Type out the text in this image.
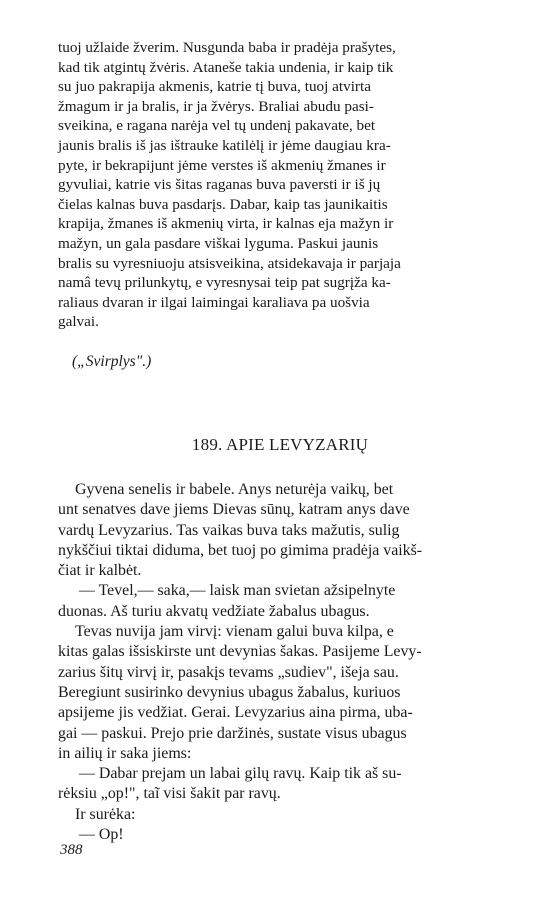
tuoj užlaide žverim. Nusgunda baba ir pradėja prašytes,
kad tik atgintų žvėris. Ataneše takia undenia, ir kaip tik
su juo pakrapija akmenis, katrie tį buva, tuoj atvirta
žmagum ir ja bralis, ir ja žvėrys. Braliai abudu pasi-
sveikina, e ragana narėja vel tų undenį pakavate, bet
jaunis bralis iš jas ištrauke katilėlį ir jėme daugiau kra-
pyte, ir bekrapijunt jėme verstes iš akmenių žmanes ir
gyvuliai, katrie vis šitas raganas buva paversti ir iš jų
čielas kalnas buva pasdarįs. Dabar, kaip tas jaunikaitis
krapija, žmanes iš akmenių virta, ir kalnas eja mažyn ir
mažyn, un gala pasdare viškai lyguma. Paskui jaunis
bralis su vyresniuoju atsisveikina, atsidekavaja ir parjaja
namâ tevų prilunkytų, e vyresnysai teip pat sugrįža ka-
raliaus dvaran ir ilgai laimingai karaliava pa uošvia
galvai.

(„Svirplys".)

189. APIE LEVYZARIŲ

Gyvena senelis ir babele. Anys neturėja vaikų, bet
unt senatves dave jiems Dievas sūnų, katram anys dave
vardų Levyzarius. Tas vaikas buva taks mažutis, sulig
nykščiui tiktai diduma, bet tuoj po gimima pradėja vaikš-
čiat ir kalbėt.

— Tevel,— saka,— laisk man svietan ažsipelnyte
duonas. Aš turiu akvatų vedžiate žabalus ubagus.

Tevas nuvija jam virvį: vienam galui buva kilpa, e
kitas galas išsiskirste unt devynias šakas. Pasijeme Levy-
zarius šitų virvį ir, pasakįs tevams „sudiev", išeja sau.
Beregiunt susirinko devynius ubagus žabalus, kuriuos
apsijeme jis vedžiat. Gerai. Levyzarius aina pirma, uba-
gai — paskui. Prejo prie daržinės, sustate visus ubagus
in ailių ir saka jiems:

— Dabar prejam un labai gilų ravų. Kaip tik aš su-
rėksiu „op!", taĩ visi šakit par ravų.

Ir surėka:

— Op!

388
